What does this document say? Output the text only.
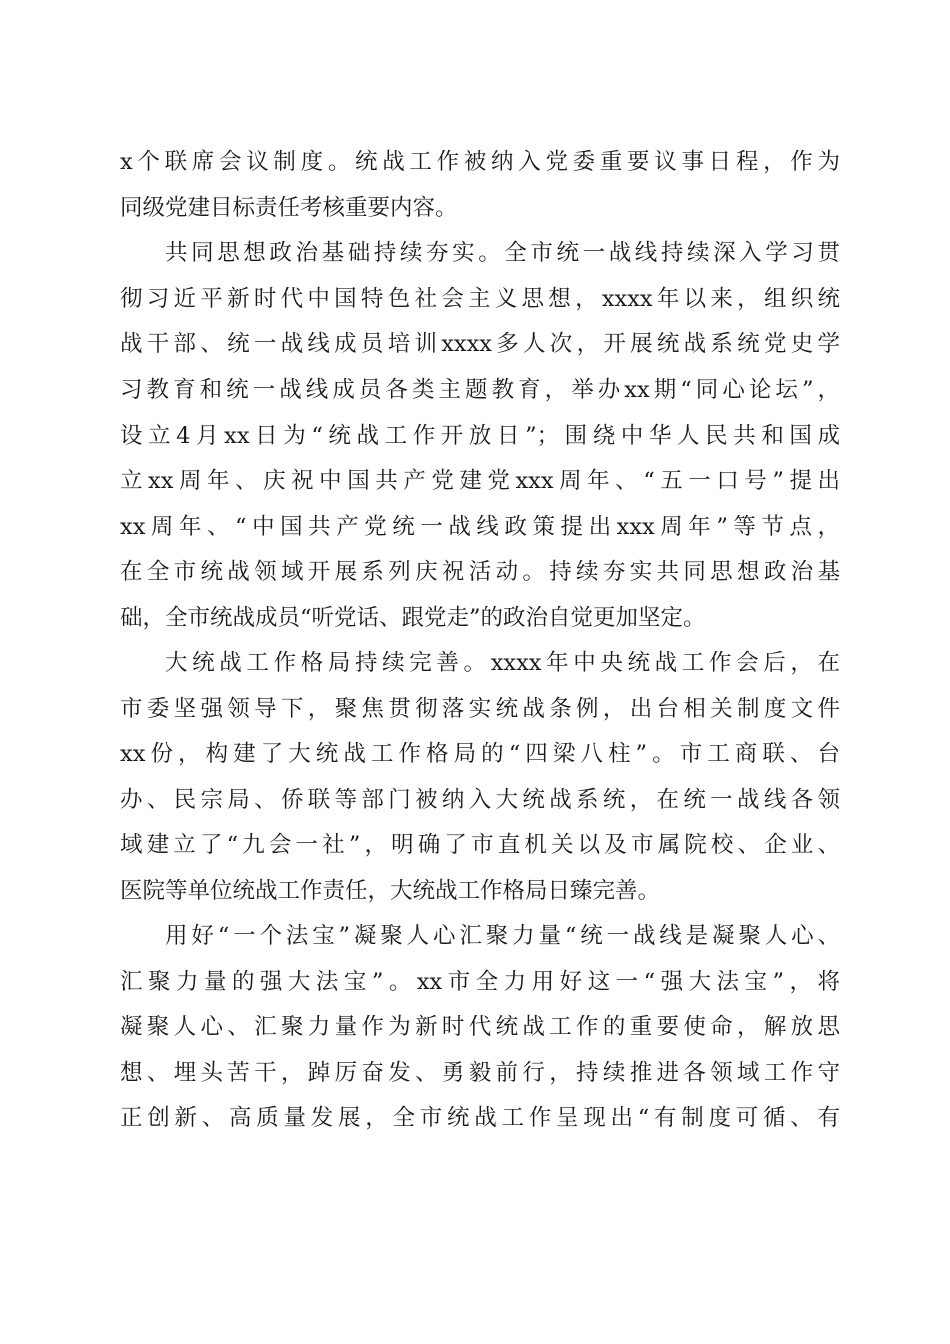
x个联席会议制度。统战工作被纳入党委重要议事日程，作为
同级党建目标责任考核重要内容。
共同思想政治基础持续夯实。全市统一战线持续深入学习贯
彻习近平新时代中国特色社会主义思想，xxxx年以来，组织统
战干部、统一战线成员培训xxxx多人次，开展统战系统党史学
习教育和统一战线成员各类主题教育，举办xx期“同心论坛”，
设立4月xx日为“统战工作开放日”；围绕中华人民共和国成
立xx周年、庆祝中国共产党建党xxx周年、“五一口号”提出
xx周年、“中国共产党统一战线政策提出xxx周年”等节点，
在全市统战领域开展系列庆祝活动。持续夯实共同思想政治基
础，全市统战成员“听党话、跟党走”的政治自觉更加坚定。
大统战工作格局持续完善。xxxx年中央统战工作会后，在
市委坚强领导下，聚焦贯彻落实统战条例，出台相关制度文件
xx份，构建了大统战工作格局的“四梁八柱”。市工商联、台
办、民宗局、侨联等部门被纳入大统战系统，在统一战线各领
域建立了“九会一社”，明确了市直机关以及市属院校、企业、
医院等单位统战工作责任，大统战工作格局日臻完善。
用好“一个法宝”凝聚人心汇聚力量“统一战线是凝聚人心、
汇聚力量的强大法宝”。xx市全力用好这一“强大法宝”，将
凝聚人心、汇聚力量作为新时代统战工作的重要使命，解放思
想、埋头苦干，踔厉奋发、勇毅前行，持续推进各领域工作守
正创新、高质量发展，全市统战工作呈现出“有制度可循、有
